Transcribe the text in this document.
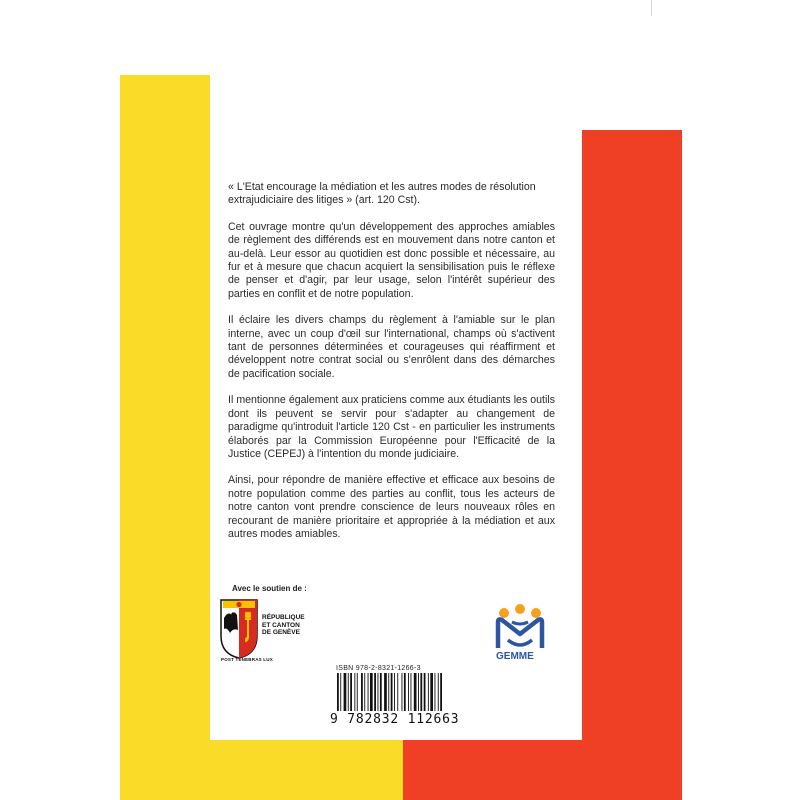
« L'Etat encourage la médiation et les autres modes de résolution extrajudiciaire des litiges » (art. 120 Cst).

Cet ouvrage montre qu'un développement des approches amiables de règlement des différends est en mouvement dans notre canton et au-delà. Leur essor au quotidien est donc possible et nécessaire, au fur et à mesure que chacun acquiert la sensibilisation puis le réflexe de penser et d'agir, par leur usage, selon l'intérêt supérieur des parties en conflit et de notre population.

Il éclaire les divers champs du règlement à l'amiable sur le plan interne, avec un coup d'œil sur l'international, champs où s'activent tant de personnes déterminées et courageuses qui réaffirment et développent notre contrat social ou s'enrôlent dans des démarches de pacification sociale.

Il mentionne également aux praticiens comme aux étudiants les outils dont ils peuvent se servir pour s'adapter au changement de paradigme qu'introduit l'article 120 Cst - en particulier les instruments élaborés par la Commission Européenne pour l'Efficacité de la Justice (CEPEJ) à l'intention du monde judiciaire.

Ainsi, pour répondre de manière effective et efficace aux besoins de notre population comme des parties au conflit, tous les acteurs de notre canton vont prendre conscience de leurs nouveaux rôles en recourant de manière prioritaire et appropriée à la médiation et aux autres modes amiables.

Avec le soutien de :
RÉPUBLIQUE
ET CANTON
DE GENÈVE
POST TENEBRAS LUX
ISBN 978-2-8321-1266-3
9 782832 112663
GEMME
